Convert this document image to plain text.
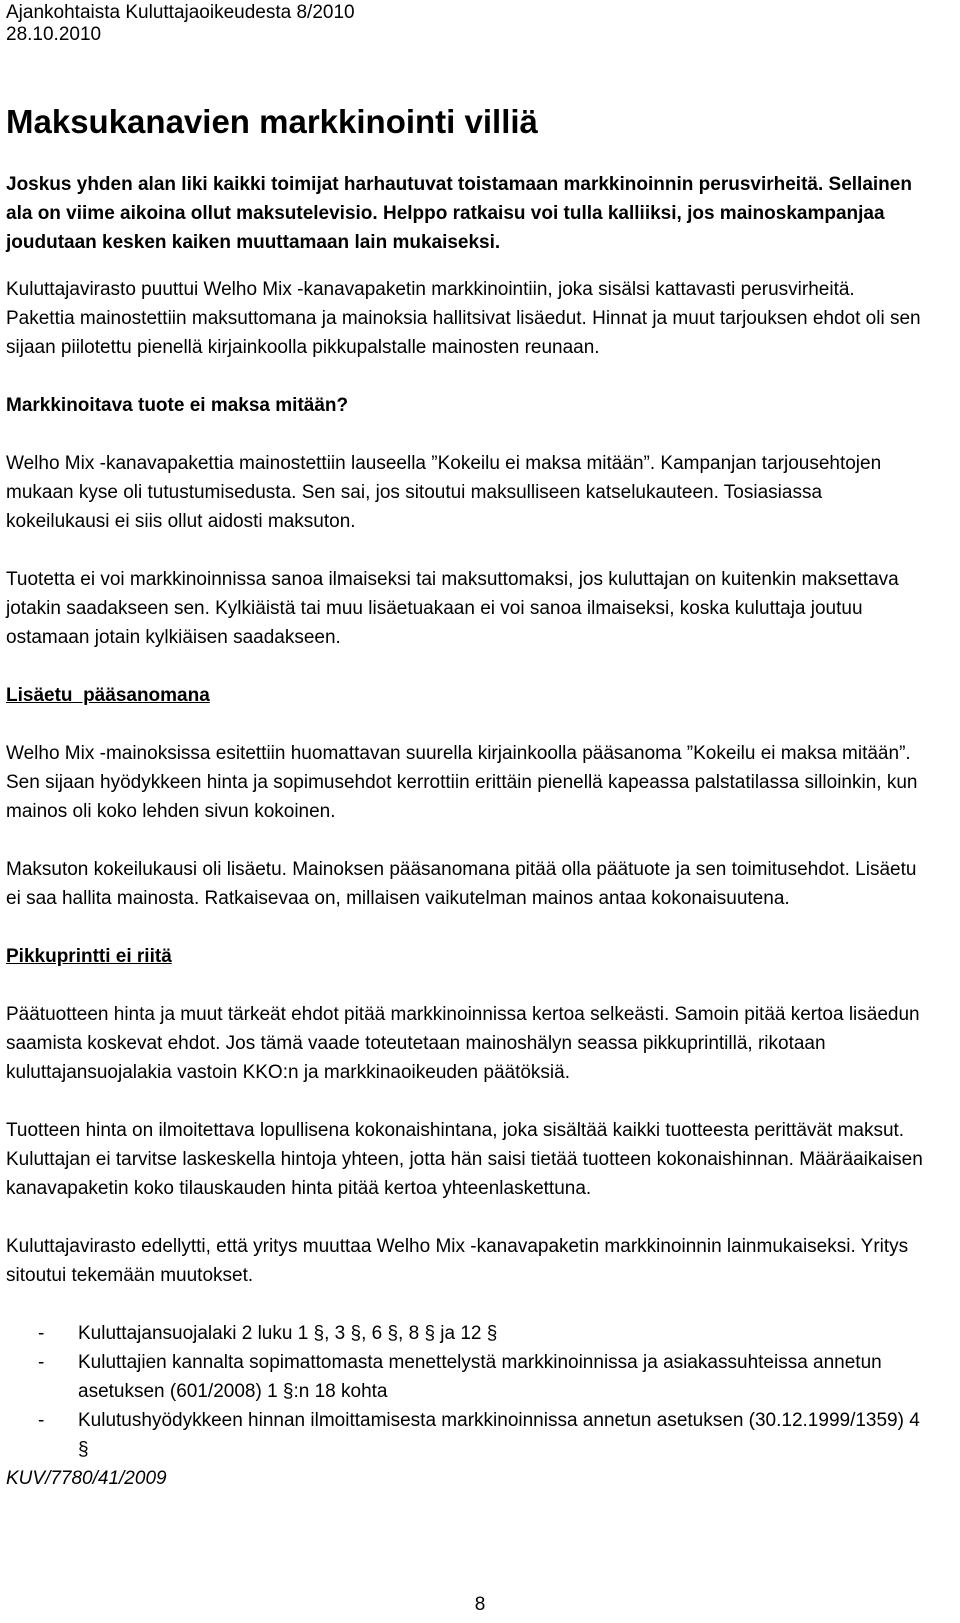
Ajankohtaista Kuluttajaoikeudesta 8/2010
28.10.2010
Maksukanavien markkinointi villiä

Joskus yhden alan liki kaikki toimijat harhautuvat toistamaan markkinoinnin perusvirheitä. Sellainen ala on viime aikoina ollut maksutelevisio. Helppo ratkaisu voi tulla kalliiksi, jos mainoskampanjaa joudutaan kesken kaiken muuttamaan lain mukaiseksi.

Kuluttajavirasto puuttui Welho Mix -kanavapaketin markkinointiin, joka sisälsi kattavasti perusvirheitä. Pakettia mainostettiin maksuttomana ja mainoksia hallitsivat lisäedut. Hinnat ja muut tarjouksen ehdot oli sen sijaan piilotettu pienellä kirjainkoolla pikkupalstalle mainosten reunaan.

Markkinoitava tuote ei maksa mitään?

Welho Mix -kanavapakettia mainostettiin lauseella ”Kokeilu ei maksa mitään”. Kampanjan tarjousehtojen mukaan kyse oli tutustumisedusta. Sen sai, jos sitoutui maksulliseen katselukauteen. Tosiasiassa kokeilukausi ei siis ollut aidosti maksuton.

Tuotetta ei voi markkinoinnissa sanoa ilmaiseksi tai maksuttomaksi, jos kuluttajan on kuitenkin maksettava jotakin saadakseen sen. Kylkiäistä tai muu lisäetuakaan ei voi sanoa ilmaiseksi, koska kuluttaja joutuu ostamaan jotain kylkiäisen saadakseen.

Lisäetu  pääsanomana

Welho Mix -mainoksissa esitettiin huomattavan suurella kirjainkoolla pääsanoma ”Kokeilu ei maksa mitään”. Sen sijaan hyödykkeen hinta ja sopimusehdot kerrottiin erittäin pienellä kapeassa palstatilassa silloinkin, kun mainos oli koko lehden sivun kokoinen.

Maksuton kokeilukausi oli lisäetu. Mainoksen pääsanomana pitää olla päätuote ja sen toimitusehdot. Lisäetu ei saa hallita mainosta. Ratkaisevaa on, millaisen vaikutelman mainos antaa kokonaisuutena.

Pikkuprintti ei riitä

Päätuotteen hinta ja muut tärkeät ehdot pitää markkinoinnissa kertoa selkeästi. Samoin pitää kertoa lisäedun saamista koskevat ehdot. Jos tämä vaade toteutetaan mainoshälyn seassa pikkuprintillä, rikotaan kuluttajansuojalakia vastoin KKO:n ja markkinaoikeuden päätöksiä.

Tuotteen hinta on ilmoitettava lopullisena kokonaishintana, joka sisältää kaikki tuotteesta perittävät maksut. Kuluttajan ei tarvitse laskeskella hintoja yhteen, jotta hän saisi tietää tuotteen kokonaishinnan. Määräaikaisen kanavapaketin koko tilauskauden hinta pitää kertoa yhteenlaskettuna.

Kuluttajavirasto edellytti, että yritys muuttaa Welho Mix -kanavapaketin markkinoinnin lainmukaiseksi. Yritys sitoutui tekemään muutokset.

- Kuluttajansuojalaki 2 luku 1 §, 3 §, 6 §, 8 § ja 12 §
- Kuluttajien kannalta sopimattomasta menettelystä markkinoinnissa ja asiakassuhteissa annetun asetuksen (601/2008) 1 §:n 18 kohta
- Kulutushyödykkeen hinnan ilmoittamisesta markkinoinnissa annetun asetuksen (30.12.1999/1359) 4 §
KUV/7780/41/2009
8
